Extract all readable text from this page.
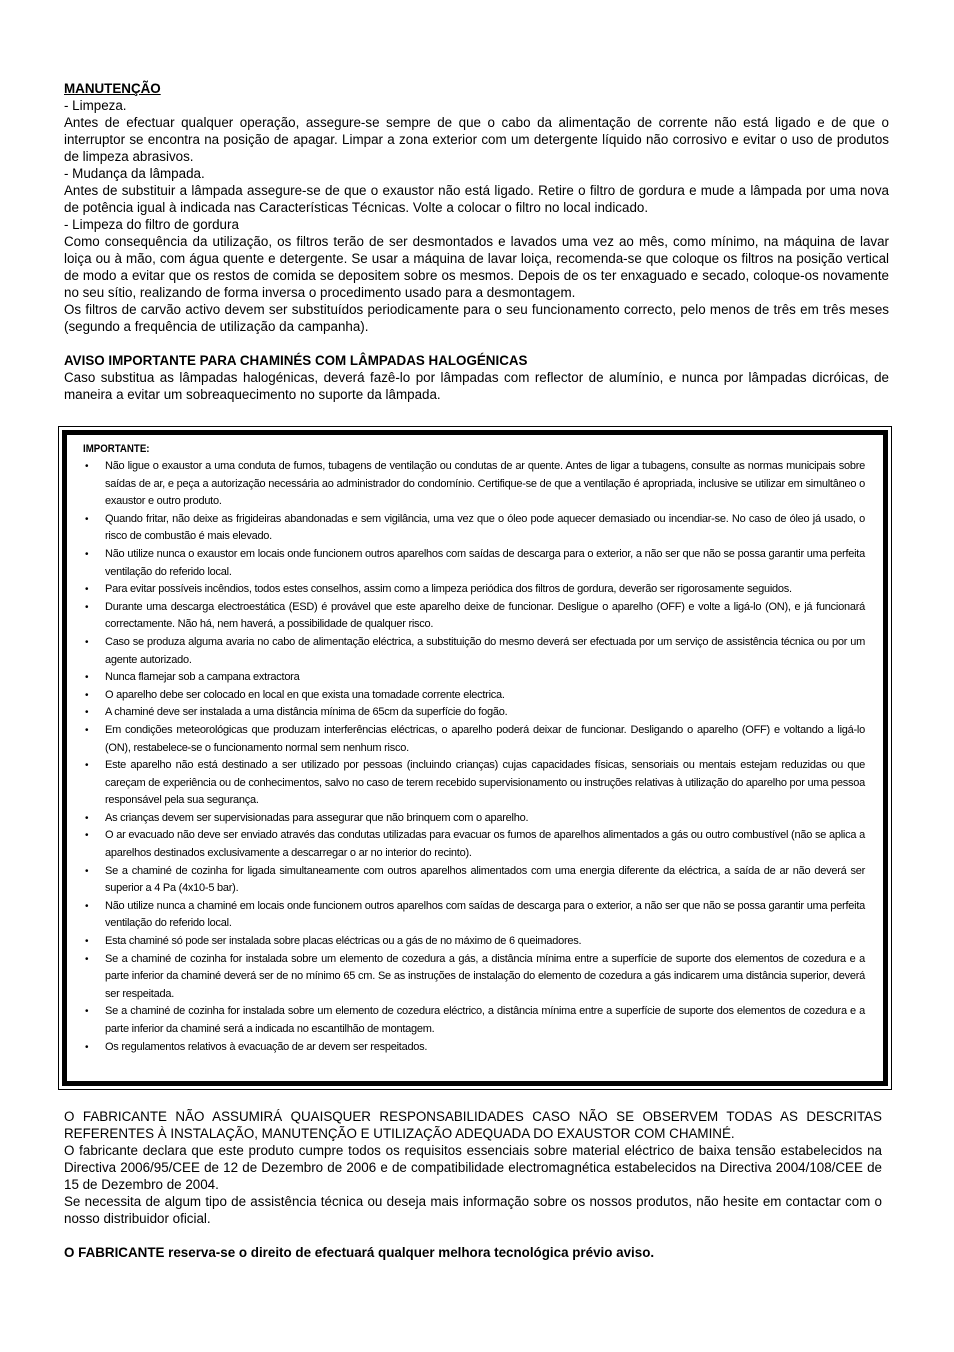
MANUTENÇÃO

- Limpeza.

Antes de efectuar qualquer operação, assegure-se sempre de que o cabo da alimentação de corrente não está ligado e de que o interruptor se encontra na posição de apagar. Limpar a zona exterior com um detergente líquido não corrosivo e evitar o uso de produtos de limpeza abrasivos.

- Mudança da lâmpada.

Antes de substituir a lâmpada assegure-se de que o exaustor não está ligado. Retire o filtro de gordura e mude a lâmpada por uma nova de potência igual à indicada nas Características Técnicas. Volte a colocar o filtro no local indicado.

- Limpeza do filtro de gordura

Como consequência da utilização, os filtros terão de ser desmontados e lavados uma vez ao mês, como mínimo, na máquina de lavar loiça ou à mão, com água quente e detergente. Se usar a máquina de lavar loiça, recomenda-se que coloque os filtros na posição vertical de modo a evitar que os restos de comida se depositem sobre os mesmos. Depois de os ter enxaguado e secado, coloque-os novamente no seu sítio, realizando de forma inversa o procedimento usado para a desmontagem.

Os filtros de carvão activo devem ser substituídos periodicamente para o seu funcionamento correcto, pelo menos de três em três meses (segundo a frequência de utilização da campanha).

AVISO IMPORTANTE PARA CHAMINÉS COM LÂMPADAS HALOGÉNICAS

Caso substitua as lâmpadas halogénicas, deverá fazê-lo por lâmpadas com reflector de alumínio, e nunca por lâmpadas dicróicas, de maneira a evitar um sobreaquecimento no suporte da lâmpada.

IMPORTANTE:

• Não ligue o exaustor a uma conduta de fumos, tubagens de ventilação ou condutas de ar quente. Antes de ligar a tubagens, consulte as normas municipais sobre saídas de ar, e peça a autorização necessária ao administrador do condomínio. Certifique-se de que a ventilação é apropriada, inclusive se utilizar em simultâneo o exaustor e outro produto.
• Quando fritar, não deixe as frigideiras abandonadas e sem vigilância, uma vez que o óleo pode aquecer demasiado ou incendiar-se. No caso de óleo já usado, o risco de combustão é mais elevado.
• Não utilize nunca o exaustor em locais onde funcionem outros aparelhos com saídas de descarga para o exterior, a não ser que não se possa garantir uma perfeita ventilação do referido local.
• Para evitar possíveis incêndios, todos estes conselhos, assim como a limpeza periódica dos filtros de gordura, deverão ser rigorosamente seguidos.
• Durante uma descarga electroestática (ESD) é provável que este aparelho deixe de funcionar. Desligue o aparelho (OFF) e volte a ligá-lo (ON), e já funcionará correctamente. Não há, nem haverá, a possibilidade de qualquer risco.
• Caso se produza alguma avaria no cabo de alimentação eléctrica, a substituição do mesmo deverá ser efectuada por um serviço de assistência técnica ou por um agente autorizado.
• Nunca flamejar sob a campana extractora
• O aparelho debe ser colocado en local en que exista una tomadade corrente electrica.
• A chaminé deve ser instalada a uma distância mínima de 65cm da superfície do fogão.
• Em condições meteorológicas que produzam interferências eléctricas, o aparelho poderá deixar de funcionar. Desligando o aparelho (OFF) e voltando a ligá-lo (ON), restabelece-se o funcionamento normal sem nenhum risco.
• Este aparelho não está destinado a ser utilizado por pessoas (incluindo crianças) cujas capacidades físicas, sensoriais ou mentais estejam reduzidas ou que careçam de experiência ou de conhecimentos, salvo no caso de terem recebido supervisionamento ou instruções relativas à utilização do aparelho por uma pessoa responsável pela sua segurança.
• As crianças devem ser supervisionadas para assegurar que não brinquem com o aparelho.
• O ar evacuado não deve ser enviado através das condutas utilizadas para evacuar os fumos de aparelhos alimentados a gás ou outro combustível (não se aplica a aparelhos destinados exclusivamente a descarregar o ar no interior do recinto).
• Se a chaminé de cozinha for ligada simultaneamente com outros aparelhos alimentados com uma energia diferente da eléctrica, a saída de ar não deverá ser superior a 4 Pa (4x10-5 bar).
• Não utilize nunca a chaminé em locais onde funcionem outros aparelhos com saídas de descarga para o exterior, a não ser que não se possa garantir uma perfeita ventilação do referido local.
• Esta chaminé só pode ser instalada sobre placas eléctricas ou a gás de no máximo de 6 queimadores.
• Se a chaminé de cozinha for instalada sobre um elemento de cozedura a gás, a distância mínima entre a superfície de suporte dos elementos de cozedura e a parte inferior da chaminé deverá ser de no mínimo 65 cm. Se as instruções de instalação do elemento de cozedura a gás indicarem uma distância superior, deverá ser respeitada.
• Se a chaminé de cozinha for instalada sobre um elemento de cozedura eléctrico, a distância mínima entre a superfície de suporte dos elementos de cozedura e a parte inferior da chaminé será a indicada no escantilhão de montagem.
• Os regulamentos relativos à evacuação de ar devem ser respeitados.

O FABRICANTE NÃO ASSUMIRÁ QUAISQUER RESPONSABILIDADES CASO NÃO SE OBSERVEM TODAS AS DESCRITAS REFERENTES À INSTALAÇÃO, MANUTENÇÃO E UTILIZAÇÃO ADEQUADA DO EXAUSTOR COM CHAMINÉ.

O fabricante declara que este produto cumpre todos os requisitos essenciais sobre material eléctrico de baixa tensão estabelecidos na Directiva 2006/95/CEE de 12 de Dezembro de 2006 e de compatibilidade electromagnética estabelecidos na Directiva 2004/108/CEE de 15 de Dezembro de 2004.

Se necessita de algum tipo de assistência técnica ou deseja mais informação sobre os nossos produtos, não hesite em contactar com o nosso distribuidor oficial.

O FABRICANTE reserva-se o direito de efectuará qualquer melhora tecnológica prévio aviso.
